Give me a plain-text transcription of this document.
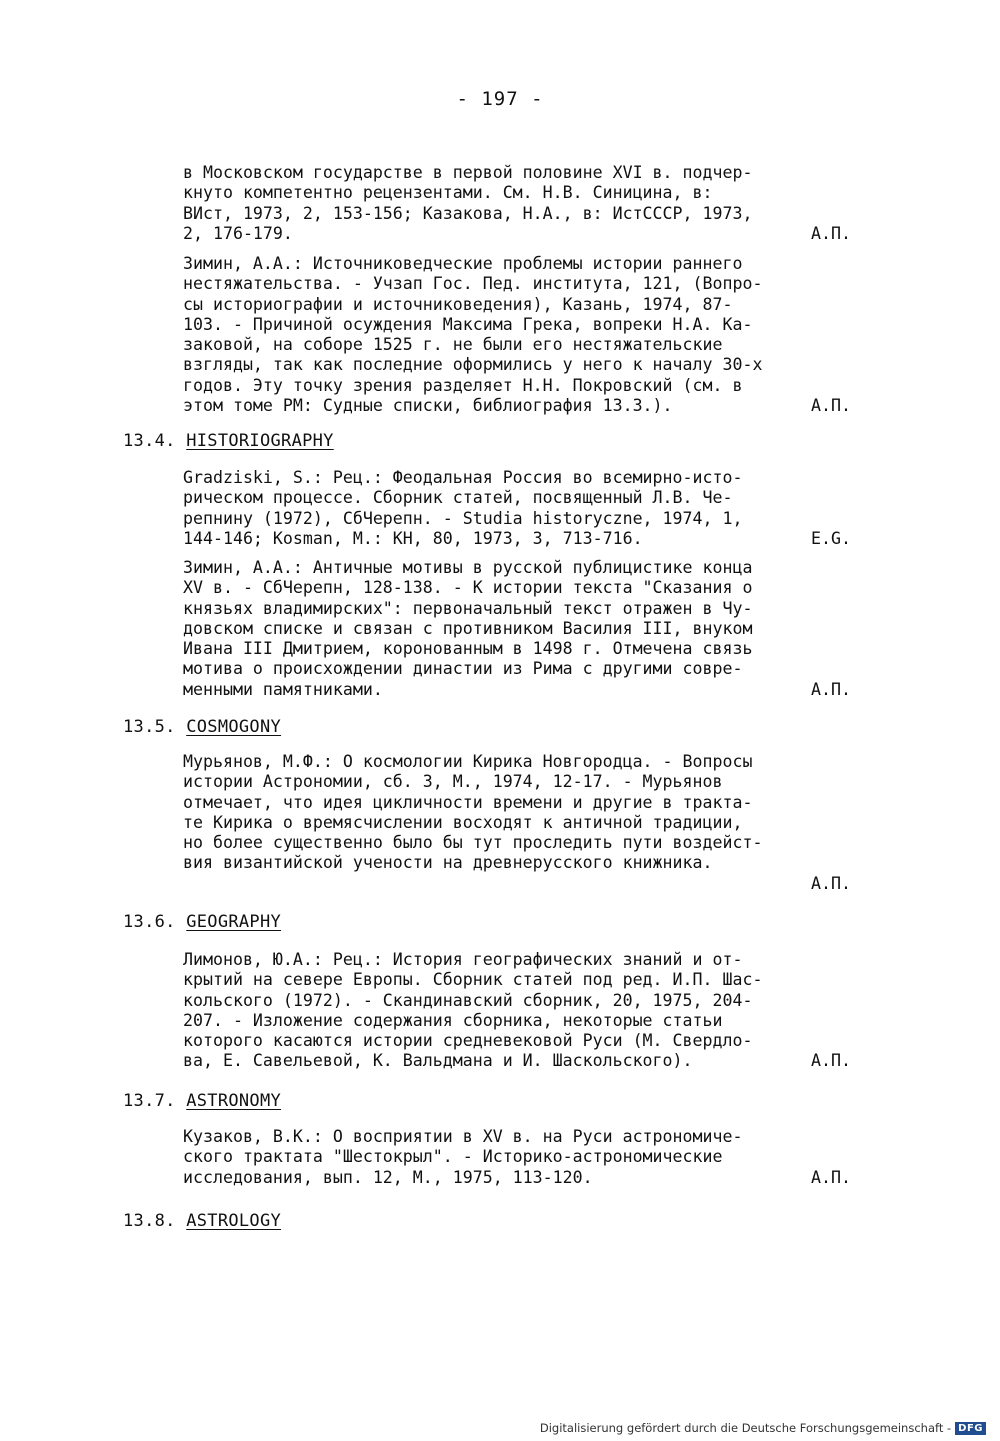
- 197 -
в Московском государстве в первой половине XVI в. подчер-
кнуто компетентно рецензентами. См. Н.В. Синицина, в:
ВИст, 1973, 2, 153-156; Казакова, Н.А., в: ИстСССР, 1973,
2, 176-179.	А.П.
Зимин, А.А.: Источниковедческие проблемы истории раннего
нестяжательства. - Учзап Гос. Пед. института, 121, (Вопро-
сы историографии и источниковедения), Казань, 1974, 87-
103. - Причиной осуждения Максима Грека, вопреки Н.А. Ка-
заковой, на соборе 1525 г. не были его нестяжательские
взгляды, так как последние оформились у него к началу 30-х
годов. Эту точку зрения разделяет Н.Н. Покровский (см. в
этом томе РМ: Судные списки, библиография 13.3.).	А.П.
13.4. HISTORIOGRAPHY
Gradziski, S.: Рец.: Феодальная Россия во всемирно-исто-
рическом процессе. Сборник статей, посвященный Л.В. Че-
репнину (1972), СбЧерепн. - Studia historyczne, 1974, 1,
144-146; Kosman, M.: КН, 80, 1973, 3, 713-716.	E.G.
Зимин, А.А.: Античные мотивы в русской публицистике конца
XV в. - СбЧерепн, 128-138. - К истории текста "Сказания о
князьях владимирских": первоначальный текст отражен в Чу-
довском списке и связан с противником Василия III, внуком
Ивана III Дмитрием, коронованным в 1498 г. Отмечена связь
мотива о происхождении династии из Рима с другими совре-
менными памятниками.	А.П.
13.5. COSMOGONY
Мурьянов, М.Ф.: О космологии Кирика Новгородца. - Вопросы
истории Астрономии, сб. 3, М., 1974, 12-17. - Мурьянов
отмечает, что идея цикличности времени и другие в тракта-
те Кирика о времясчислении восходят к античной традиции,
но более существенно было бы тут проследить пути воздейст-
вия византийской учености на древнерусского книжника.
А.П.
13.6. GEOGRAPHY
Лимонов, Ю.А.: Рец.: История географических знаний и от-
крытий на севере Европы. Сборник статей под ред. И.П. Шас-
кольского (1972). - Скандинавский сборник, 20, 1975, 204-
207. - Изложение содержания сборника, некоторые статьи
которого касаются истории средневековой Руси (М. Свердло-
ва, Е. Савельевой, К. Вальдмана и И. Шаскольского).	А.П.
13.7. ASTRONOMY
Кузаков, В.К.: О восприятии в XV в. на Руси астрономиче-
ского трактата "Шестокрыл". - Историко-астрономические
исследования, вып. 12, М., 1975, 113-120.	А.П.
13.8. ASTROLOGY
Digitalisierung gefördert durch die Deutsche Forschungsgemeinschaft - DFG
